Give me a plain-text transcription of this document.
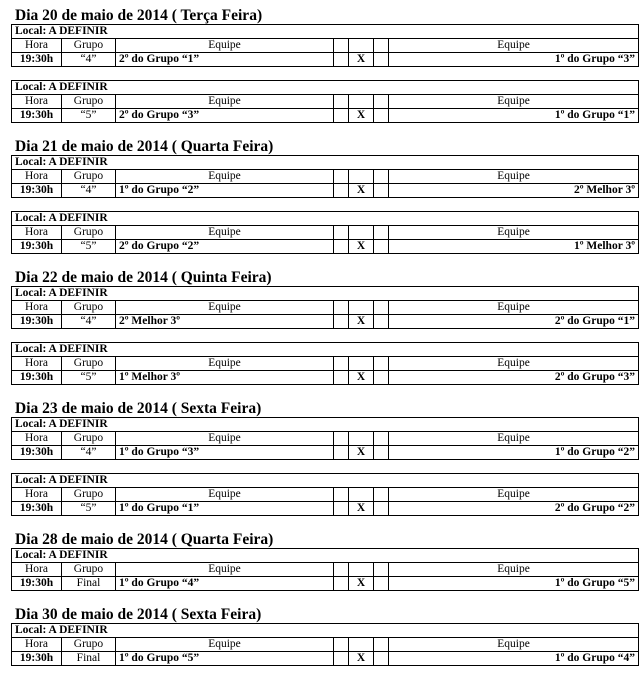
Dia 20 de maio de 2014 ( Terça Feira)
Local: A DEFINIR						
Hora	Grupo	Equipe				Equipe
19:30h	“4”	2º do Grupo “1”		X		1º do Grupo “3”
Local: A DEFINIR						
Hora	Grupo	Equipe				Equipe
19:30h	“5”	2º do Grupo “3”		X		1º do Grupo “1”
Dia 21 de maio de 2014 ( Quarta Feira)
Local: A DEFINIR						
Hora	Grupo	Equipe				Equipe
19:30h	“4”	1º do Grupo “2”		X		2º Melhor 3º
Local: A DEFINIR						
Hora	Grupo	Equipe				Equipe
19:30h	“5”	2º do Grupo “2”		X		1º Melhor 3º
Dia 22 de maio de 2014 ( Quinta Feira)
Local: A DEFINIR						
Hora	Grupo	Equipe				Equipe
19:30h	“4”	2º Melhor 3º		X		2º do Grupo “1”
Local: A DEFINIR						
Hora	Grupo	Equipe				Equipe
19:30h	“5”	1º Melhor 3º		X		2º do Grupo “3”
Dia 23 de maio de 2014 ( Sexta Feira)
Local: A DEFINIR						
Hora	Grupo	Equipe				Equipe
19:30h	“4”	1º do Grupo “3”		X		1º do Grupo “2”
Local: A DEFINIR						
Hora	Grupo	Equipe				Equipe
19:30h	“5”	1º do Grupo “1”		X		2º do Grupo “2”
Dia 28 de maio de 2014 ( Quarta Feira)
Local: A DEFINIR						
Hora	Grupo	Equipe				Equipe
19:30h	Final	1º do Grupo “4”		X		1º do Grupo “5”
Dia 30 de maio de 2014 ( Sexta Feira)
Local: A DEFINIR						
Hora	Grupo	Equipe				Equipe
19:30h	Final	1º do Grupo “5”		X		1º do Grupo “4”
